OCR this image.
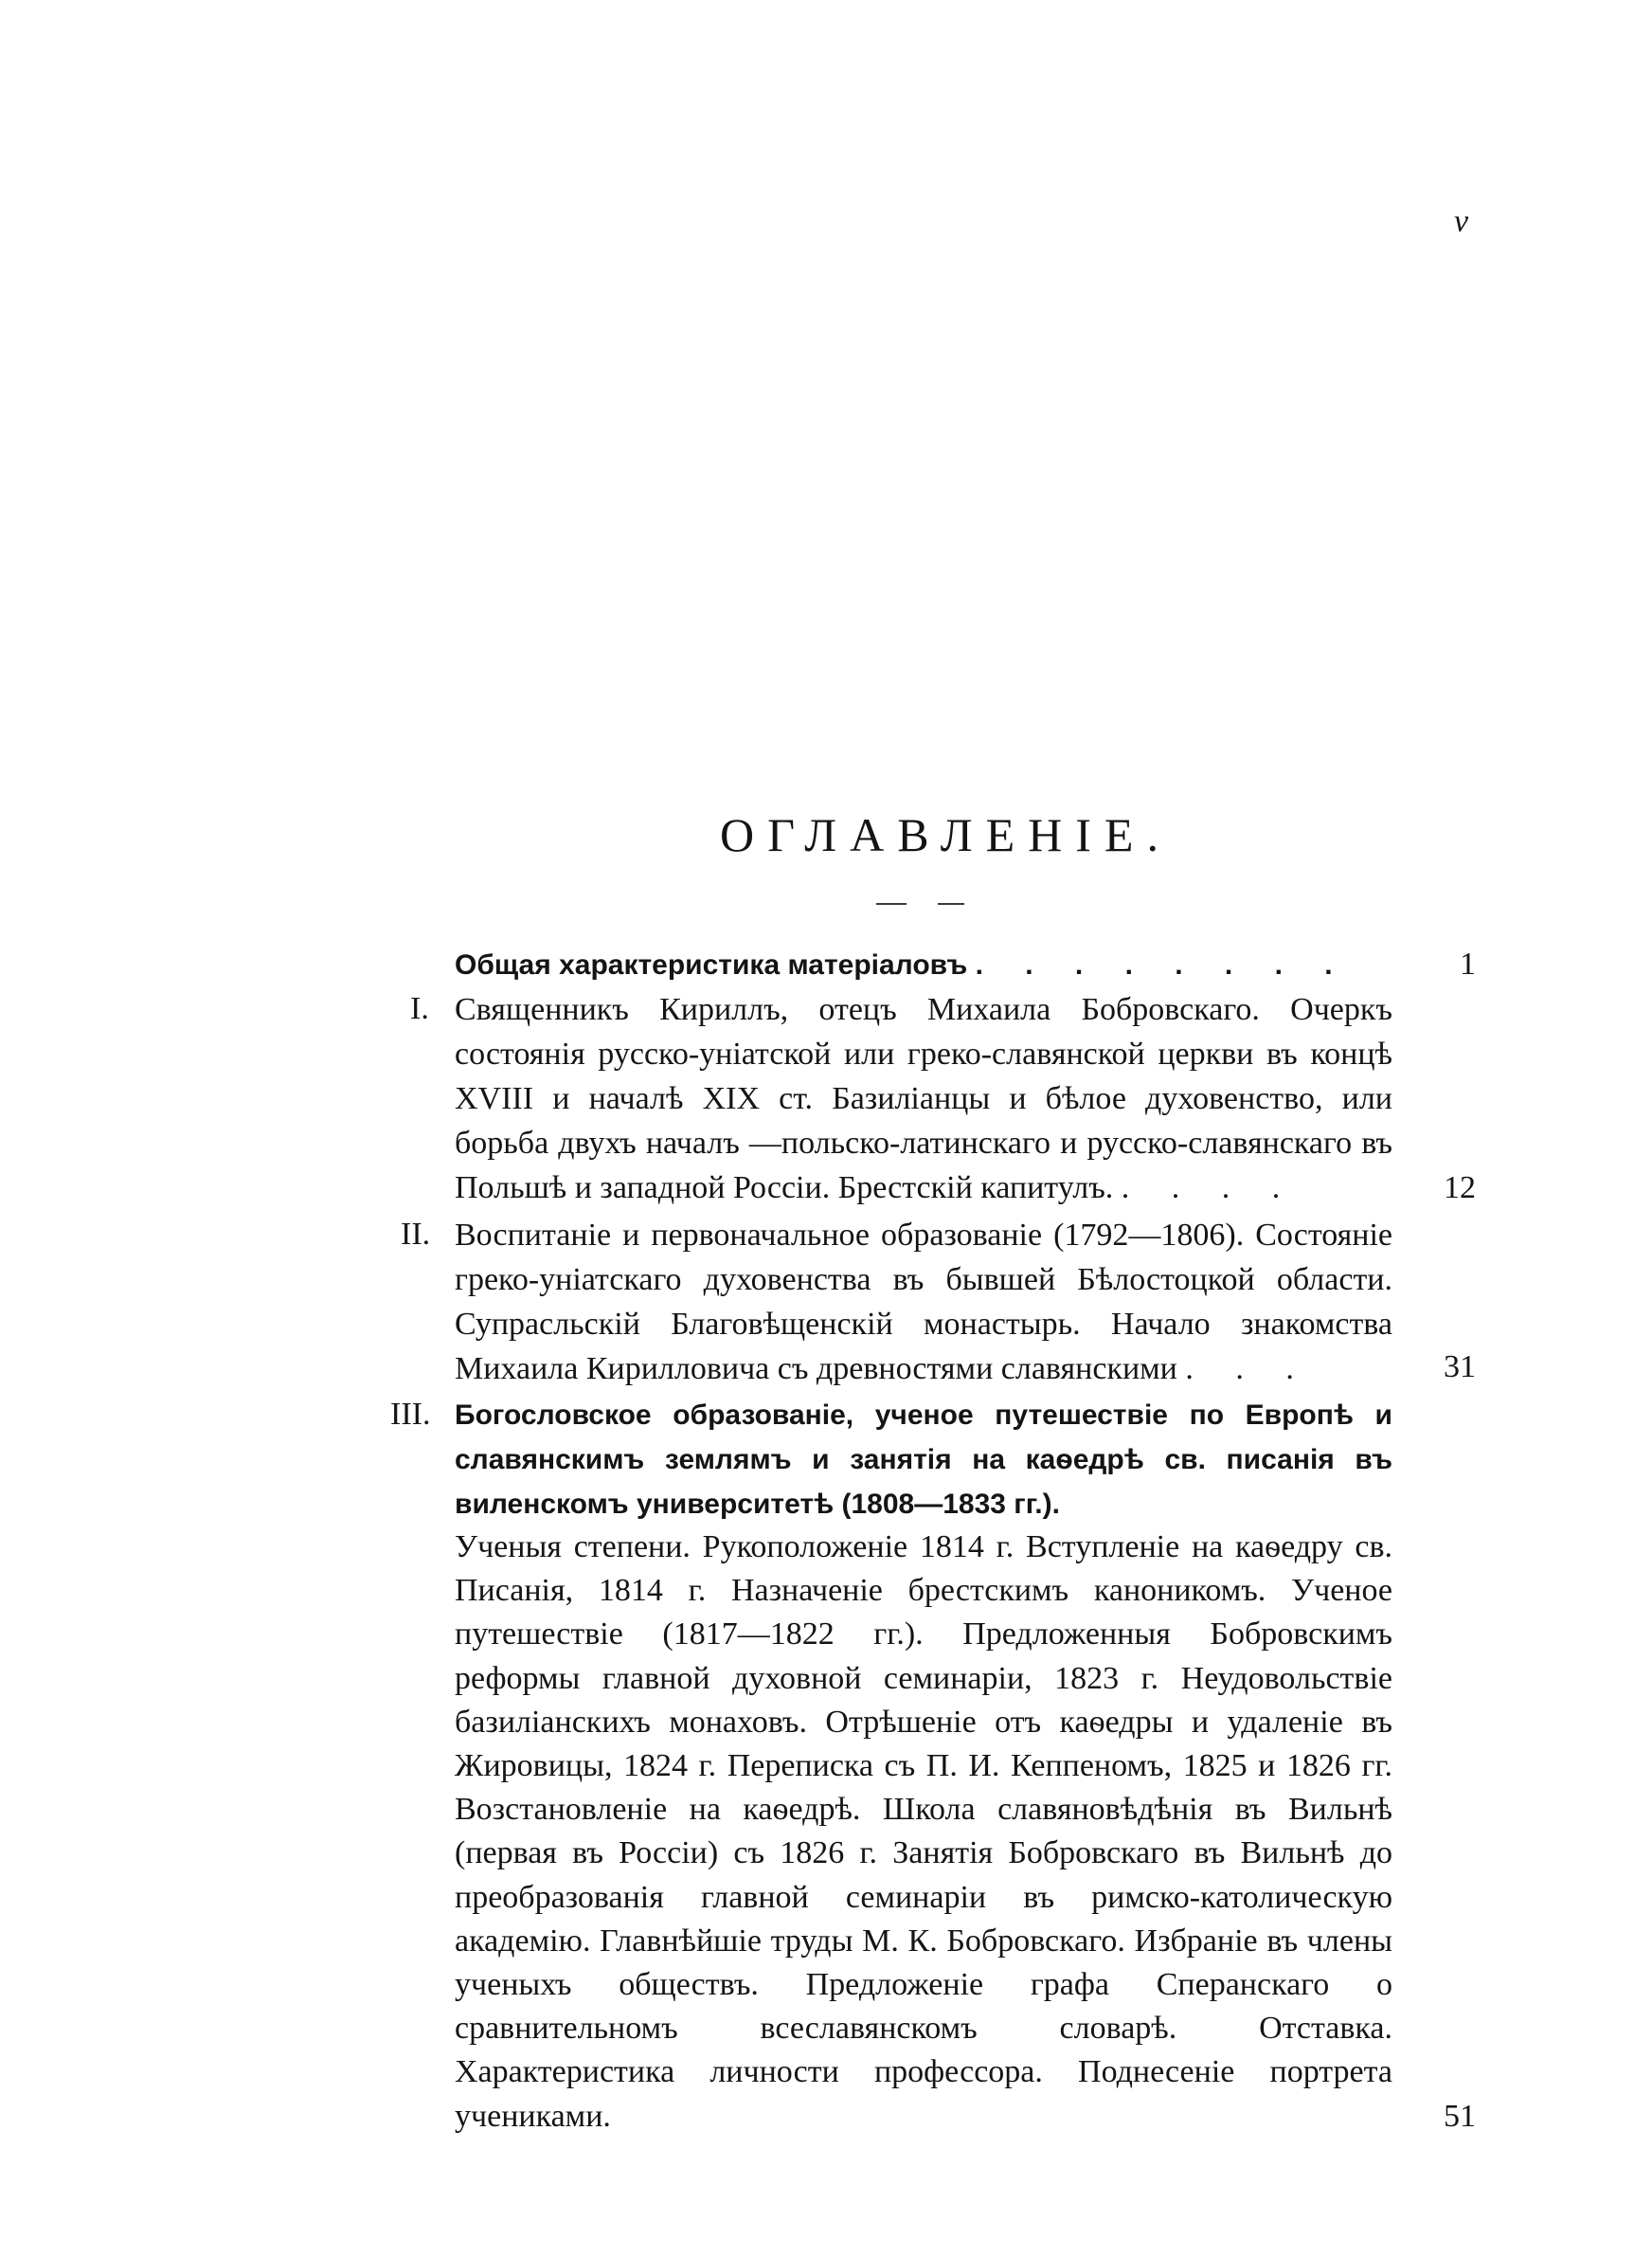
v
ОГЛАВЛЕНІЕ.
Общая характеристика матеріаловъ . . . . . . . .	1
I. Священникъ Кириллъ, отецъ Михаила Бобровскаго. Очеркъ состоянія русско-уніатской или греко-славянской церкви въ концѣ XVIII и началѣ XIX ст. Базиліанцы и бѣлое духовенство, или борьба двухъ началъ —польско-латинскаго и русско-славянскаго въ Польшѣ и западной Россіи. Брестскій капитулъ. . . . .	12
II. Воспитаніе и первоначальное образованіе (1792—1806). Состояніе греко-уніатскаго духовенства въ бывшей Бѣлостоцкой области. Супрасльскій Благовѣщенскій монастырь. Начало знакомства Михаила Кирилловича съ древностями славянскими . . .	31
III. Богословское образованіе, ученое путешествіе по Европѣ и славянскимъ землямъ и занятія на каѳедрѣ св. писанія въ виленскомъ университетѣ (1808—1833 гг.).
Ученыя степени. Рукоположеніе 1814 г. Вступленіе на каѳедру св. Писанія, 1814 г. Назначеніе брестскимъ каноникомъ. Ученое путешествіе (1817—1822 гг.). Предложенныя Бобровскимъ реформы главной духовной семинаріи, 1823 г. Неудовольствіе базиліанскихъ монаховъ. Отрѣшеніе отъ каѳедры и удаленіе въ Жировицы, 1824 г. Переписка съ П. И. Кеппеномъ, 1825 и 1826 гг. Возстановленіе на каѳедрѣ. Школа славяновѣдѣнія въ Вильнѣ (первая въ Россіи) съ 1826 г. Занятія Бобровскаго въ Вильнѣ до преобразованія главной семинаріи въ римско-католическую академію. Главнѣйшіе труды М. К. Бобровскаго. Избраніе въ члены ученыхъ обществъ. Предложеніе графа Сперанскаго о сравнительномъ всеславянскомъ словарѣ. Отставка. Характеристика личности профессора. Поднесеніе портрета учениками.	51
